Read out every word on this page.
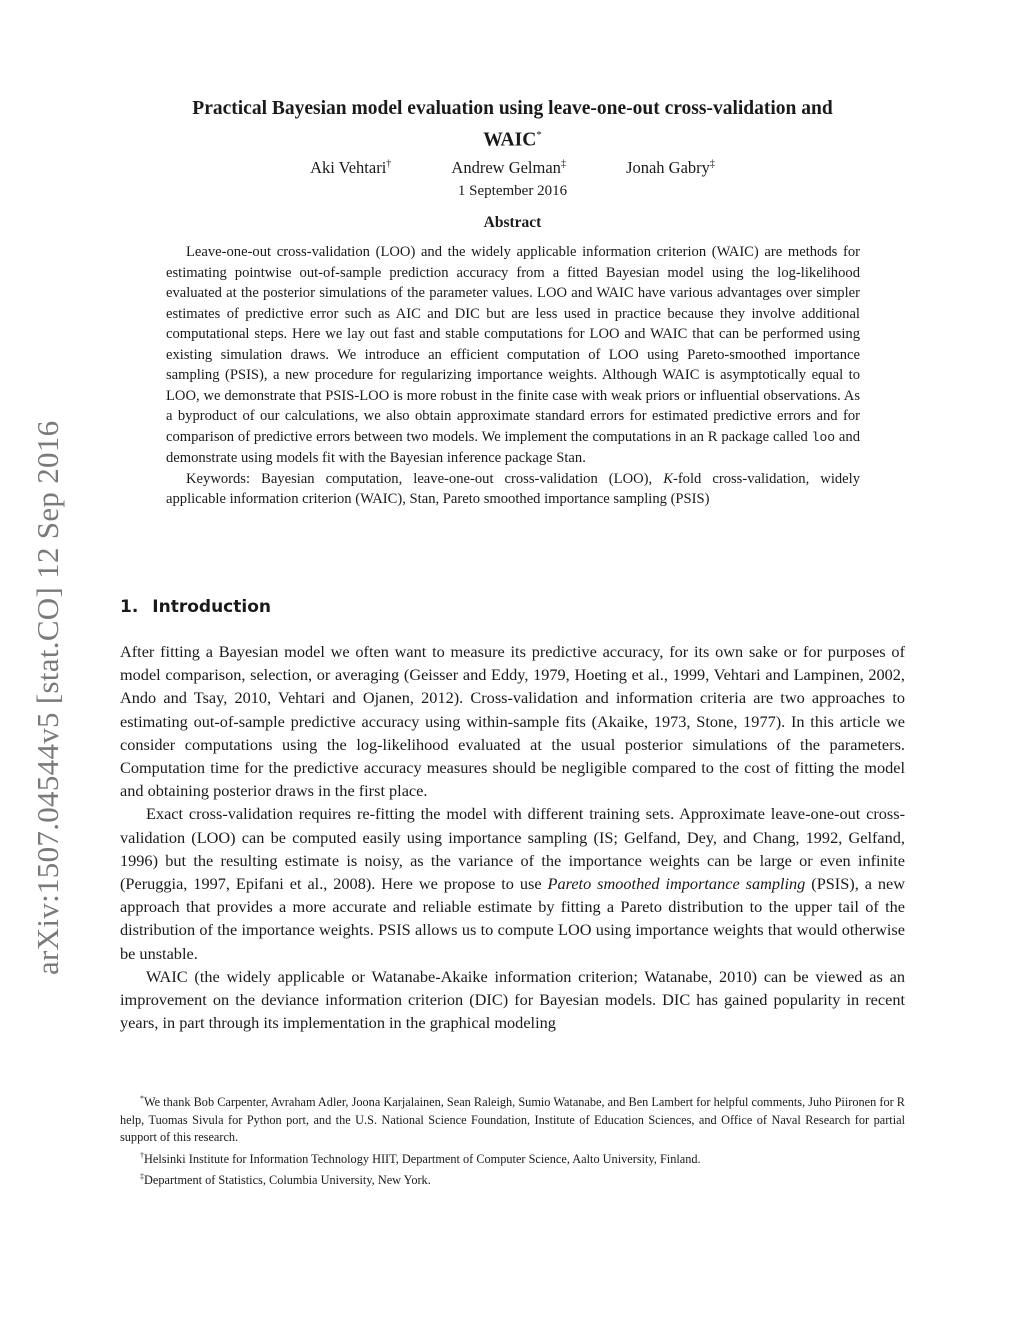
arXiv:1507.04544v5 [stat.CO] 12 Sep 2016
Practical Bayesian model evaluation using leave-one-out cross-validation and
WAIC*
Aki Vehtari†	Andrew Gelman‡	Jonah Gabry‡
1 September 2016
Abstract

Leave-one-out cross-validation (LOO) and the widely applicable information criterion (WAIC) are methods for estimating pointwise out-of-sample prediction accuracy from a fitted Bayesian model using the log-likelihood evaluated at the posterior simulations of the parameter values. LOO and WAIC have various advantages over simpler estimates of predictive error such as AIC and DIC but are less used in practice because they involve additional computational steps. Here we lay out fast and stable computations for LOO and WAIC that can be performed using existing simulation draws. We introduce an efficient computation of LOO using Pareto-smoothed importance sampling (PSIS), a new procedure for regularizing importance weights. Although WAIC is asymptotically equal to LOO, we demonstrate that PSIS-LOO is more robust in the finite case with weak priors or influential observations. As a byproduct of our calculations, we also obtain approximate standard errors for estimated predictive errors and for comparison of predictive errors between two models. We implement the computations in an R package called loo and demonstrate using models fit with the Bayesian inference package Stan.

Keywords: Bayesian computation, leave-one-out cross-validation (LOO), K-fold cross-validation, widely applicable information criterion (WAIC), Stan, Pareto smoothed importance sampling (PSIS)

1. Introduction

After fitting a Bayesian model we often want to measure its predictive accuracy, for its own sake or for purposes of model comparison, selection, or averaging (Geisser and Eddy, 1979, Hoeting et al., 1999, Vehtari and Lampinen, 2002, Ando and Tsay, 2010, Vehtari and Ojanen, 2012). Cross-validation and information criteria are two approaches to estimating out-of-sample predictive accuracy using within-sample fits (Akaike, 1973, Stone, 1977). In this article we consider computations using the log-likelihood evaluated at the usual posterior simulations of the parameters. Computation time for the predictive accuracy measures should be negligible compared to the cost of fitting the model and obtaining posterior draws in the first place.

Exact cross-validation requires re-fitting the model with different training sets. Approximate leave-one-out cross-validation (LOO) can be computed easily using importance sampling (IS; Gelfand, Dey, and Chang, 1992, Gelfand, 1996) but the resulting estimate is noisy, as the variance of the importance weights can be large or even infinite (Peruggia, 1997, Epifani et al., 2008). Here we propose to use Pareto smoothed importance sampling (PSIS), a new approach that provides a more accurate and reliable estimate by fitting a Pareto distribution to the upper tail of the distribution of the importance weights. PSIS allows us to compute LOO using importance weights that would otherwise be unstable.

WAIC (the widely applicable or Watanabe-Akaike information criterion; Watanabe, 2010) can be viewed as an improvement on the deviance information criterion (DIC) for Bayesian models. DIC has gained popularity in recent years, in part through its implementation in the graphical modeling

*We thank Bob Carpenter, Avraham Adler, Joona Karjalainen, Sean Raleigh, Sumio Watanabe, and Ben Lambert for helpful comments, Juho Piironen for R help, Tuomas Sivula for Python port, and the U.S. National Science Foundation, Institute of Education Sciences, and Office of Naval Research for partial support of this research.

†Helsinki Institute for Information Technology HIIT, Department of Computer Science, Aalto University, Finland.

‡Department of Statistics, Columbia University, New York.
